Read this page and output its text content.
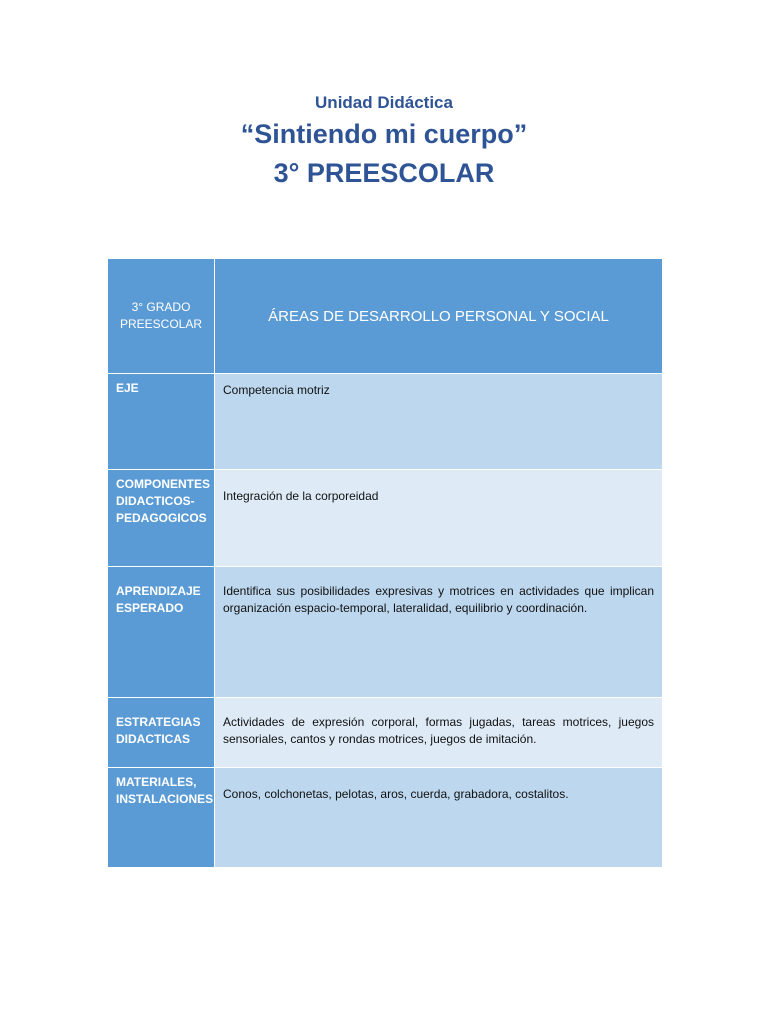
Unidad Didáctica
“Sintiendo mi cuerpo”
3° PREESCOLAR
3° GRADO PREESCOLAR	ÁREAS DE DESARROLLO PERSONAL Y SOCIAL

EJE	Competencia motriz

COMPONENTES DIDACTICOS-PEDAGOGICOS	Integración de la corporeidad

APRENDIZAJE ESPERADO	Identifica sus posibilidades expresivas y motrices en actividades que implican organización espacio-temporal, lateralidad, equilibrio y coordinación.

ESTRATEGIAS DIDACTICAS	Actividades de expresión corporal, formas jugadas, tareas motrices, juegos sensoriales, cantos y rondas motrices, juegos de imitación.

MATERIALES, INSTALACIONES	Conos, colchonetas, pelotas, aros, cuerda, grabadora, costalitos.
